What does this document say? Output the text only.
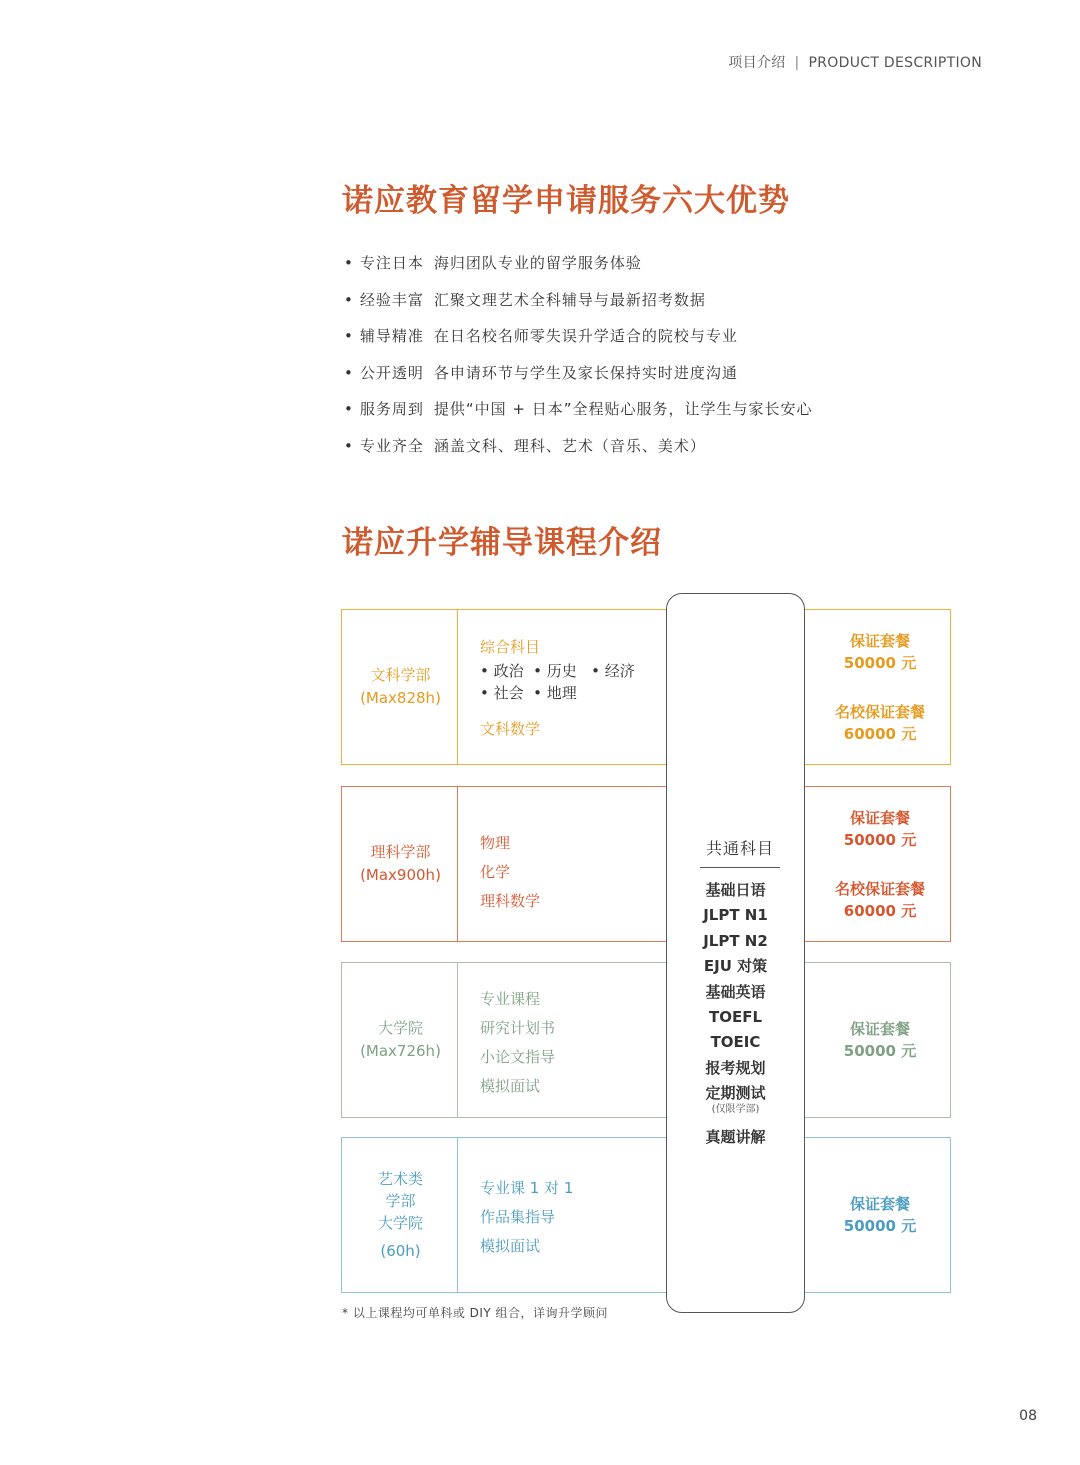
项目介绍 | PRODUCT DESCRIPTION
诺应教育留学申请服务六大优势
• 专注日本 海归团队专业的留学服务体验
• 经验丰富 汇聚文理艺术全科辅导与最新招考数据
• 辅导精准 在日名校名师零失误升学适合的院校与专业
• 公开透明 各申请环节与学生及家长保持实时进度沟通
• 服务周到 提供“中国 + 日本”全程贴心服务，让学生与家长安心
• 专业齐全 涵盖文科、理科、艺术（音乐、美术）
诺应升学辅导课程介绍
文科学部
(Max828h)
综合科目
• 政治  • 历史   • 经济
• 社会  • 地理
文科数学
保证套餐
50000 元
名校保证套餐
60000 元
理科学部
(Max900h)
物理
化学
理科数学
保证套餐
50000 元
名校保证套餐
60000 元
大学院
(Max726h)
专业课程
研究计划书
小论文指导
模拟面试
保证套餐
50000 元
艺术类
学部
大学院
(60h)
专业课 1 对 1
作品集指导
模拟面试
保证套餐
50000 元
共通科目
基础日语
JLPT N1
JLPT N2
EJU 对策
基础英语
TOEFL
TOEIC
报考规划
定期测试
(仅限学部)
真题讲解
* 以上课程均可单科或 DIY 组合，详询升学顾问
08
